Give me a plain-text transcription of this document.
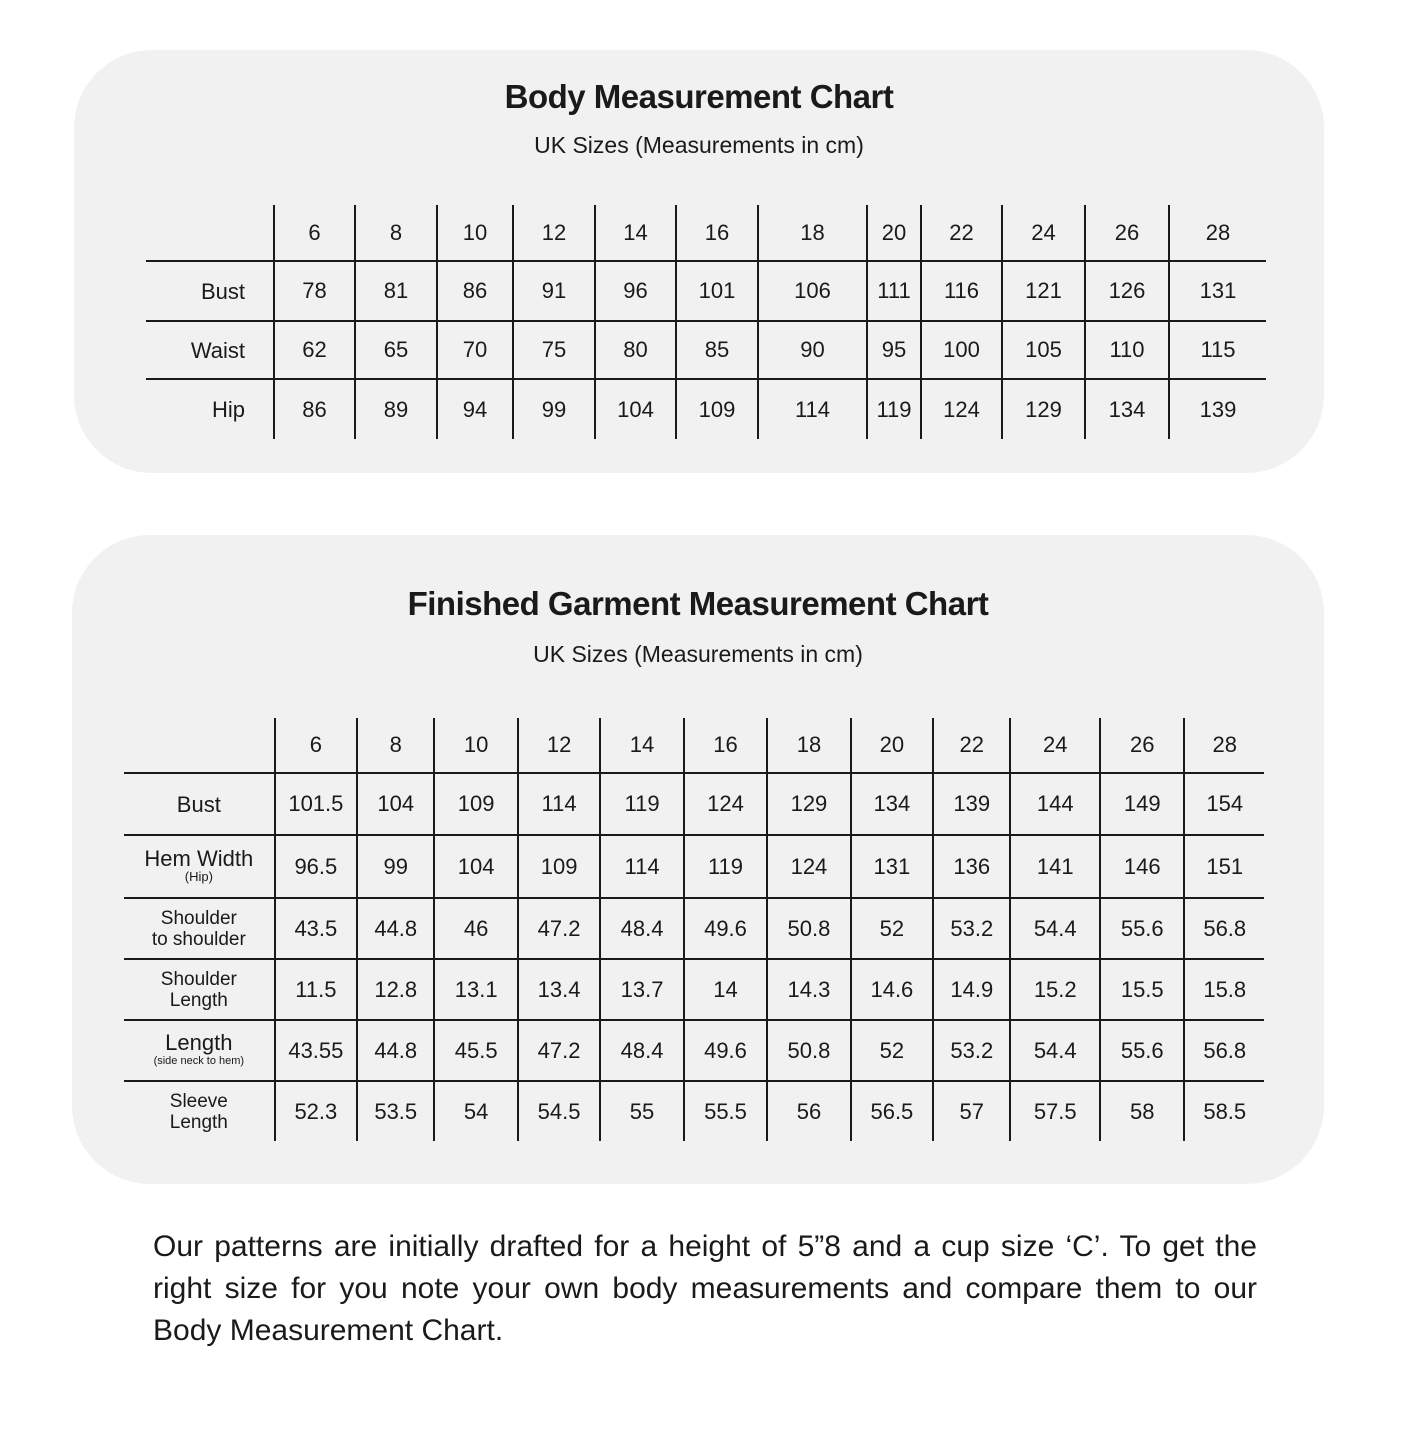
Body Measurement Chart

UK Sizes (Measurements in cm)

	6	8	10	12	14	16	18	20	22	24	26	28
Bust	78	81	86	91	96	101	106	111	116	121	126	131
Waist	62	65	70	75	80	85	90	95	100	105	110	115
Hip	86	89	94	99	104	109	114	119	124	129	134	139
Finished Garment Measurement Chart

UK Sizes (Measurements in cm)

	6	8	10	12	14	16	18	20	22	24	26	28
Bust	101.5	104	109	114	119	124	129	134	139	144	149	154
Hem Width
(Hip)	96.5	99	104	109	114	119	124	131	136	141	146	151

Shoulder
to shoulder	43.5	44.8	46	47.2	48.4	49.6	50.8	52	53.2	54.4	55.6	56.8

Shoulder
Length	11.5	12.8	13.1	13.4	13.7	14	14.3	14.6	14.9	15.2	15.5	15.8
Length
(side neck to hem)	43.55	44.8	45.5	47.2	48.4	49.6	50.8	52	53.2	54.4	55.6	56.8

Sleeve
Length	52.3	53.5	54	54.5	55	55.5	56	56.5	57	57.5	58	58.5

Our patterns are initially drafted for a height of 5”8 and a cup size ‘C’. To get the right size for you note your own body measurements and compare them to our Body Measurement Chart.
